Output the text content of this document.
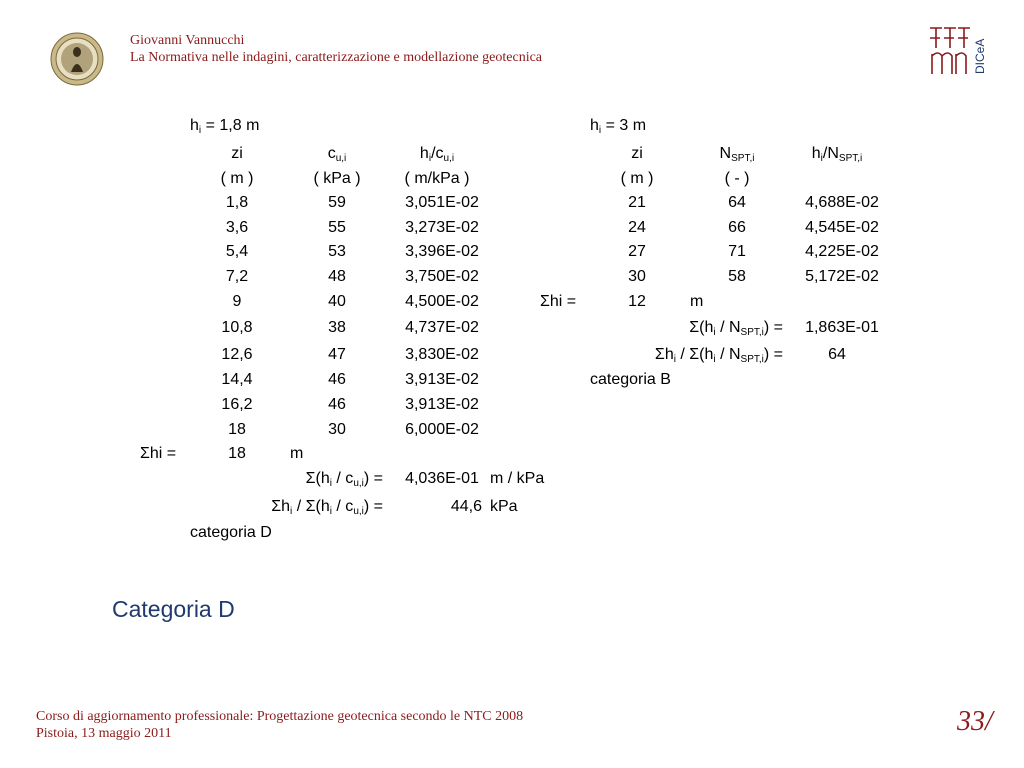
Giovanni Vannucchi
La Normativa nelle indagini, caratterizzazione e modellazione geotecnica	DICeA
$h_i = 1,8$ m
zi	$c_{u,i}$	$h_i/c_{u,i}$
( m )	( kPa )	( m/kPa )
1,8	59	3,051E-02
3,6	55	3,273E-02
5,4	53	3,396E-02
7,2	48	3,750E-02
9	40	4,500E-02
10,8	38	4,737E-02
12,6	47	3,830E-02
14,4	46	3,913E-02
16,2	46	3,913E-02
18	30	6,000E-02
Σhi =	18	m
$\Sigma(h_i / c_{u,i}) = 4,036E-01$ m / kPa
$\Sigma h_i / \Sigma(h_i / c_{u,i})$ =	44,6 kPa
categoria D
$h_i = 3$ m
zi	$N_{SPT,i}$	$h_i/N_{SPT,i}$
( m )	( - )
21	64	4,688E-02
24	66	4,545E-02
27	71	4,225E-02
30	58	5,172E-02
Σhi =	12	m
$\Sigma(h_i / N_{SPT,i}) = 1,863E-01$
$\Sigma h_i / \Sigma(h_i / N_{SPT,i})$ =	64
categoria B
Categoria D
Corso di aggiornamento professionale: Progettazione geotecnica secondo le NTC 2008
Pistoia, 13 maggio 2011	33/
